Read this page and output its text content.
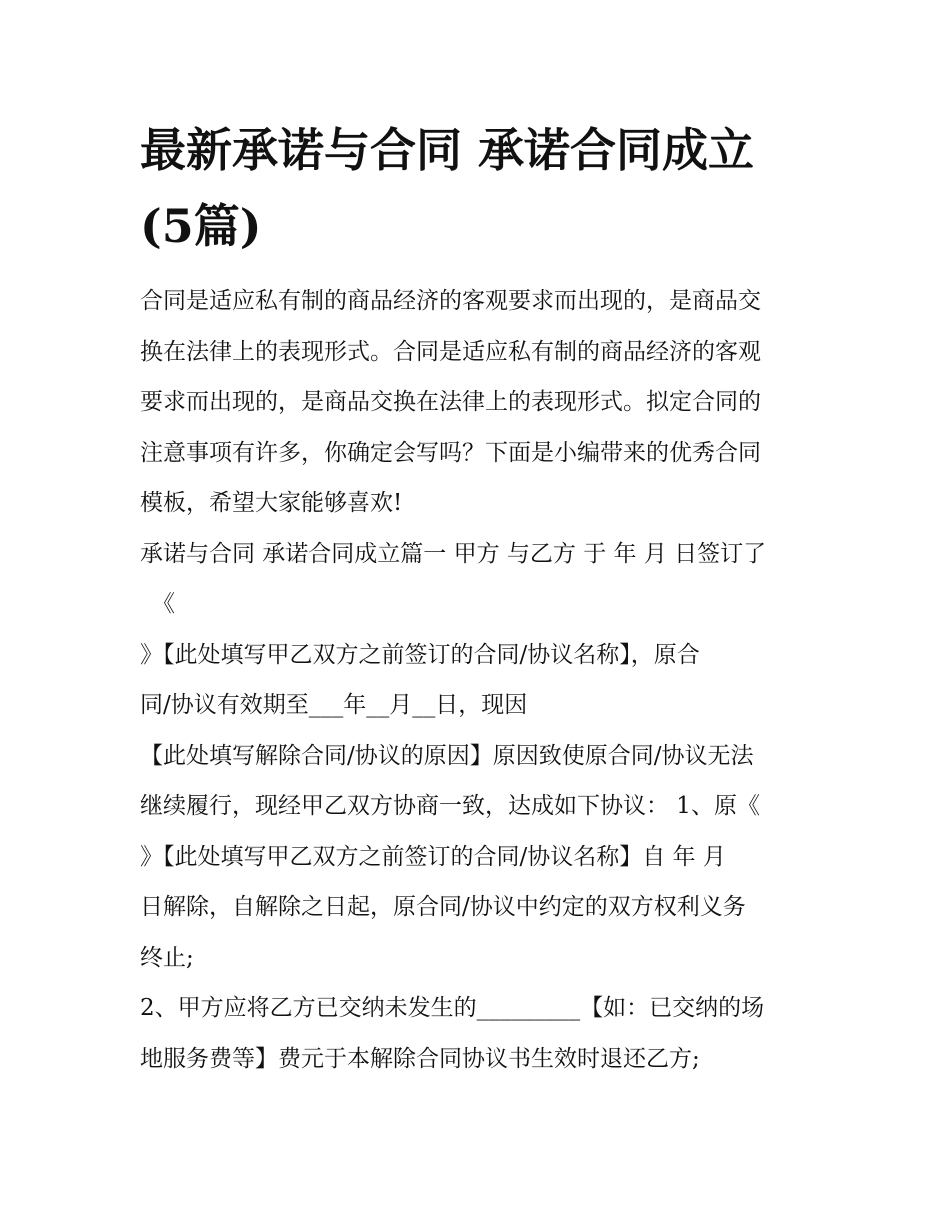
最新承诺与合同 承诺合同成立
(5篇)
合同是适应私有制的商品经济的客观要求而出现的，是商品交
换在法律上的表现形式。合同是适应私有制的商品经济的客观
要求而出现的，是商品交换在法律上的表现形式。拟定合同的
注意事项有许多，你确定会写吗？下面是小编带来的优秀合同
模板，希望大家能够喜欢!
承诺与合同 承诺合同成立篇一 甲方 与乙方 于 年 月 日签订了
《
》【此处填写甲乙双方之前签订的合同/协议名称】，原合
同/协议有效期至___年__月__日，现因
【此处填写解除合同/协议的原因】原因致使原合同/协议无法
继续履行，现经甲乙双方协商一致，达成如下协议： 1、原《
》【此处填写甲乙双方之前签订的合同/协议名称】自 年 月
日解除，自解除之日起，原合同/协议中约定的双方权利义务
终止;
2、甲方应将乙方已交纳未发生的_________【如：已交纳的场
地服务费等】费元于本解除合同协议书生效时退还乙方;
